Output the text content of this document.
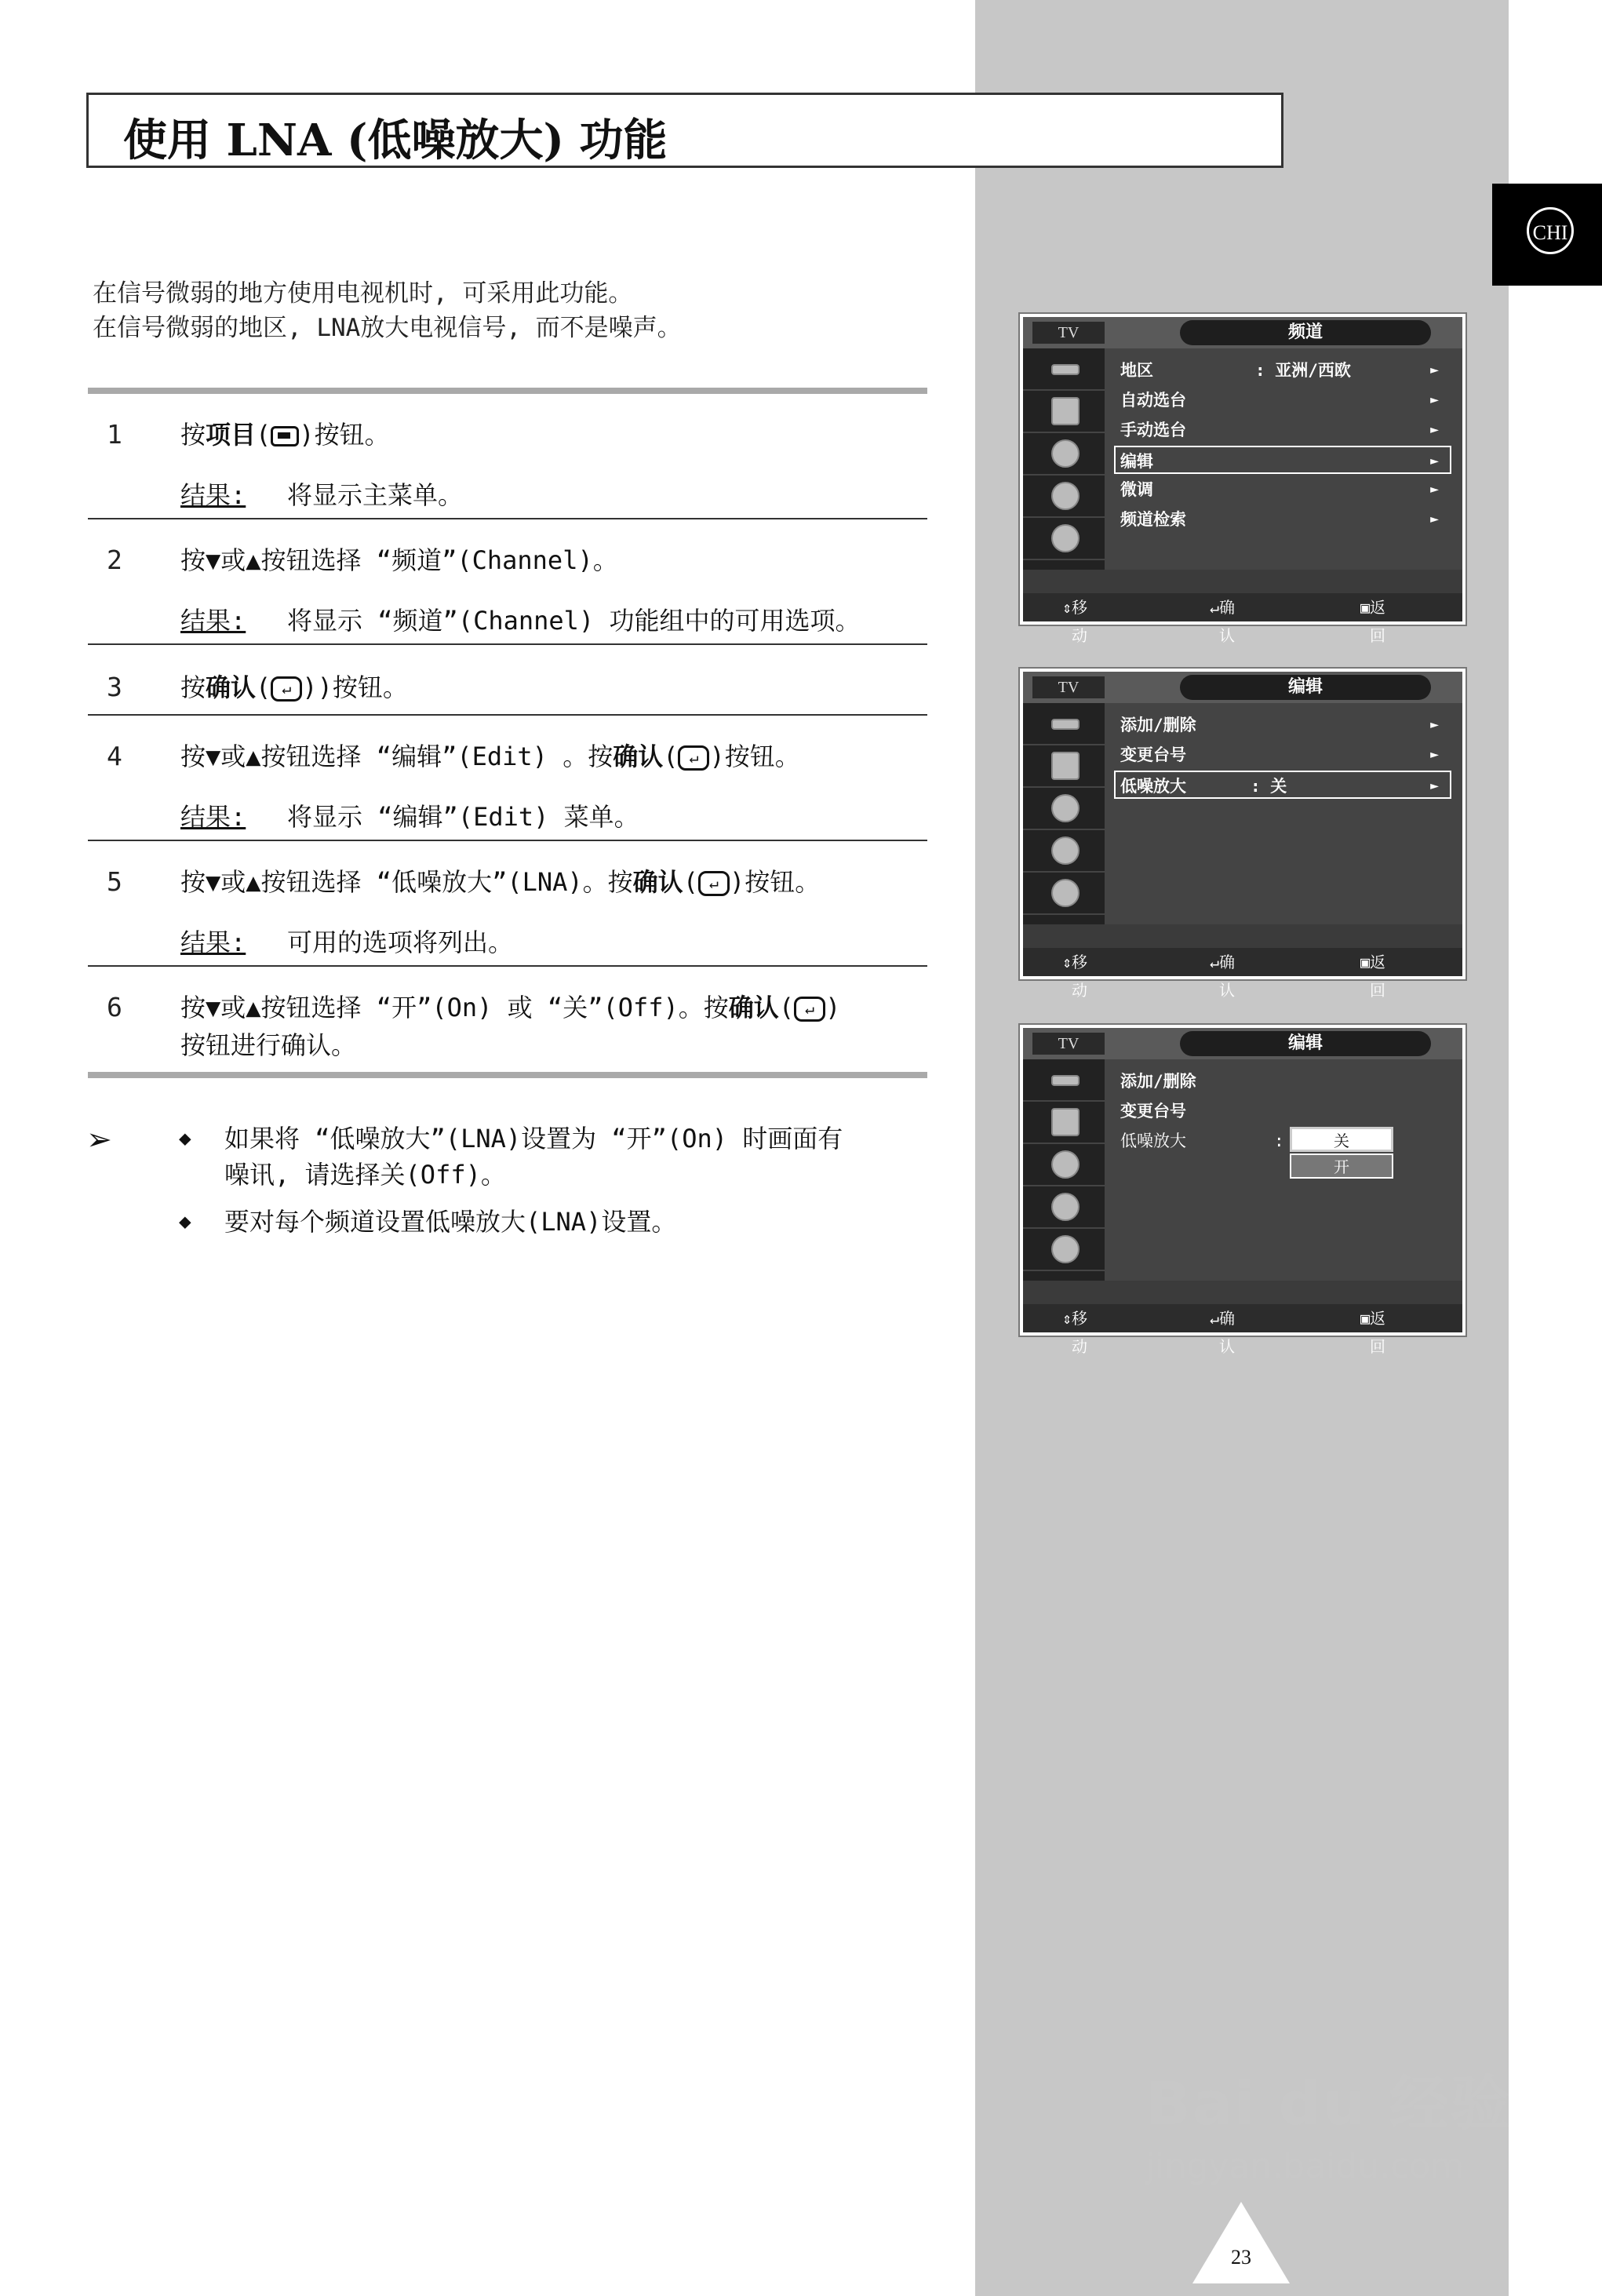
CHI
使用 LNA (低噪放大) 功能
在信号微弱的地方使用电视机时, 可采用此功能。
在信号微弱的地区, LNA放大电视信号, 而不是噪声。
1 按项目( )按钮。
结果: 将显示主菜单。
2 按▼或▲按钮选择 “频道”(Channel)。
结果: 将显示 “频道”(Channel) 功能组中的可用选项。
3 按确认( ↵ ))按钮。
4 按▼或▲按钮选择 “编辑”(Edit) 。按确认( ↵ )按钮。
结果: 将显示 “编辑”(Edit) 菜单。
5 按▼或▲按钮选择 “低噪放大”(LNA)。按确认( ↵ )按钮。
结果: 可用的选项将列出。
6 按▼或▲按钮选择 “开”(On) 或 “关”(Off)。按确认( ↵ )
按钮进行确认。
➢	◆ 如果将 “低噪放大”(LNA)设置为 “开”(On) 时画面有
噪讯, 请选择关(Off)。
◆ 要对每个频道设置低噪放大(LNA)设置。
TV	频道
地区	: 亚洲/西欧	►
自动选台	►
手动选台	►
编辑	►
微调	►
频道检索	►
⇕ 移动
↵ 确认
▣ 返回
TV	编辑
添加/删除	►
变更台号	►
低噪放大	: 关	►
⇕ 移动
↵ 确认
▣ 返回
TV	编辑
添加/删除
变更台号
低噪放大	:	关
开
⇕ 移动
↵ 确认
▣ 返回
Bai du 经验
jingyan.baidu.com
23
